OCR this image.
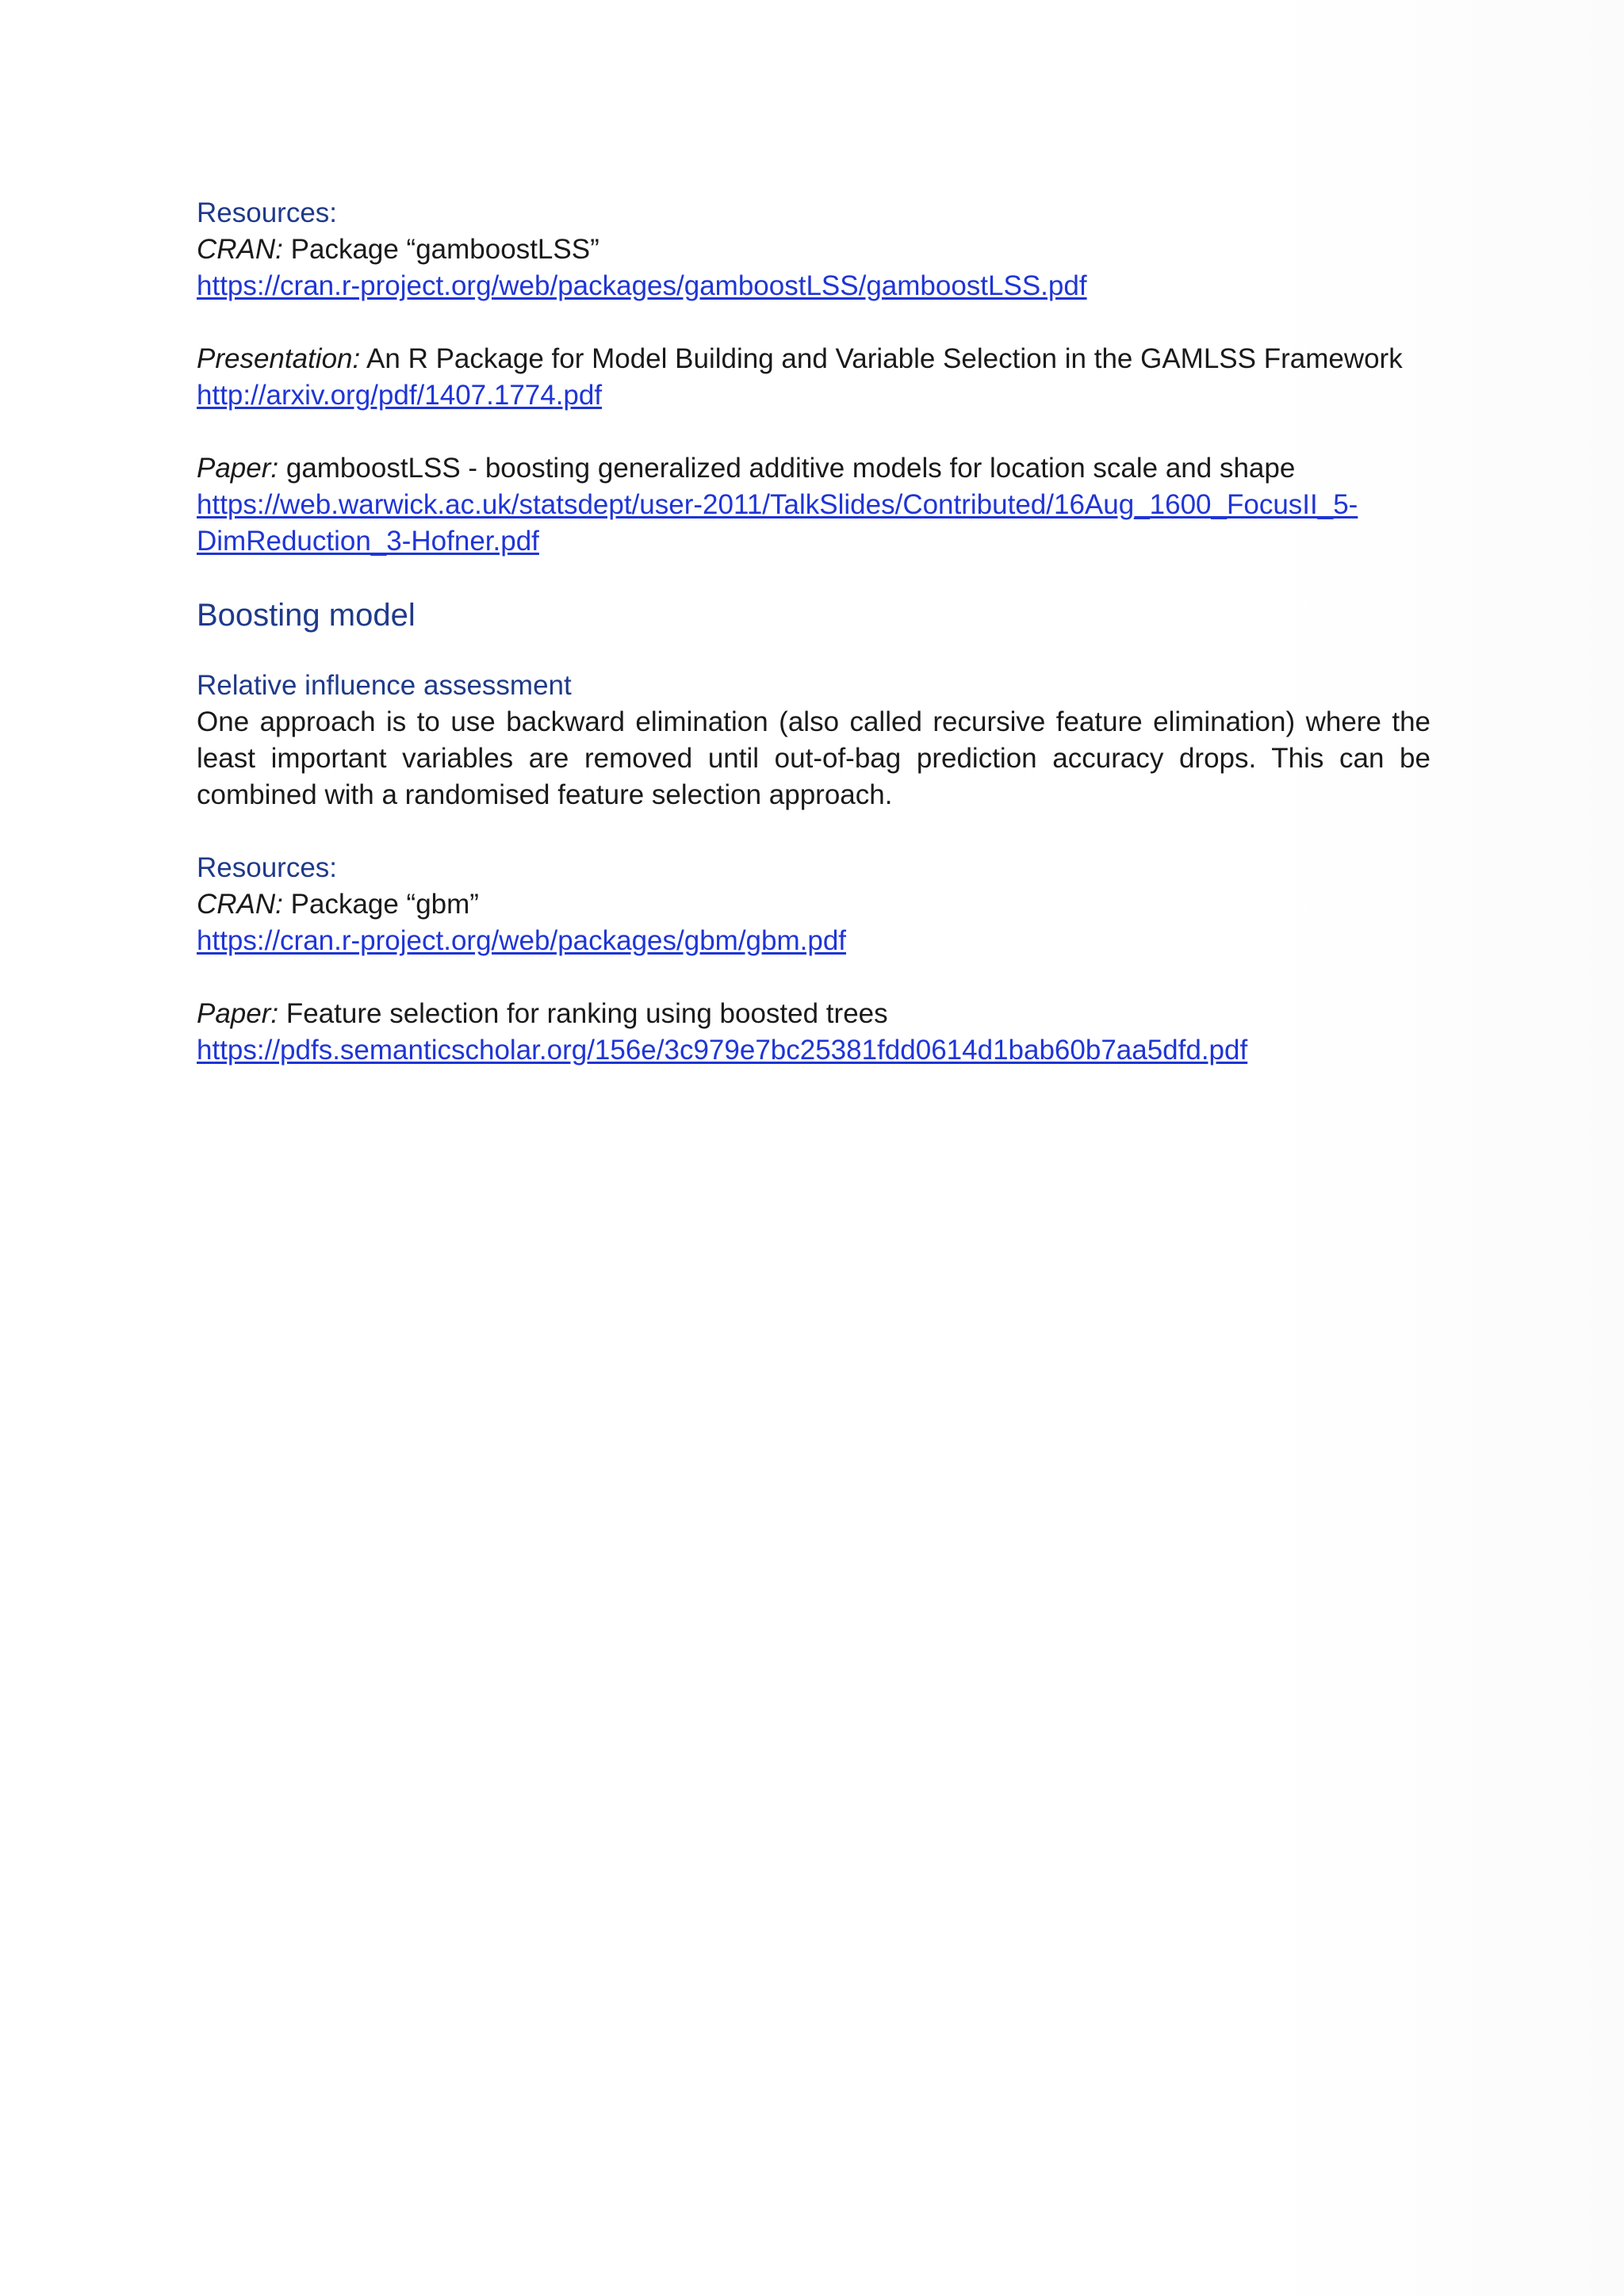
Resources:

CRAN: Package “gamboostLSS”

https://cran.r-project.org/web/packages/gamboostLSS/gamboostLSS.pdf

Presentation: An R Package for Model Building and Variable Selection in the GAMLSS Framework

http://arxiv.org/pdf/1407.1774.pdf

Paper: gamboostLSS - boosting generalized additive models for location scale and shape

https://web.warwick.ac.uk/statsdept/user-2011/TalkSlides/Contributed/16Aug_1600_FocusII_5-

DimReduction_3-Hofner.pdf

Boosting model

Relative influence assessment

One approach is to use backward elimination (also called recursive feature elimination) where the least important variables are removed until out-of-bag prediction accuracy drops. This can be combined with a randomised feature selection approach.

Resources:

CRAN: Package “gbm”

https://cran.r-project.org/web/packages/gbm/gbm.pdf

Paper: Feature selection for ranking using boosted trees

https://pdfs.semanticscholar.org/156e/3c979e7bc25381fdd0614d1bab60b7aa5dfd.pdf
